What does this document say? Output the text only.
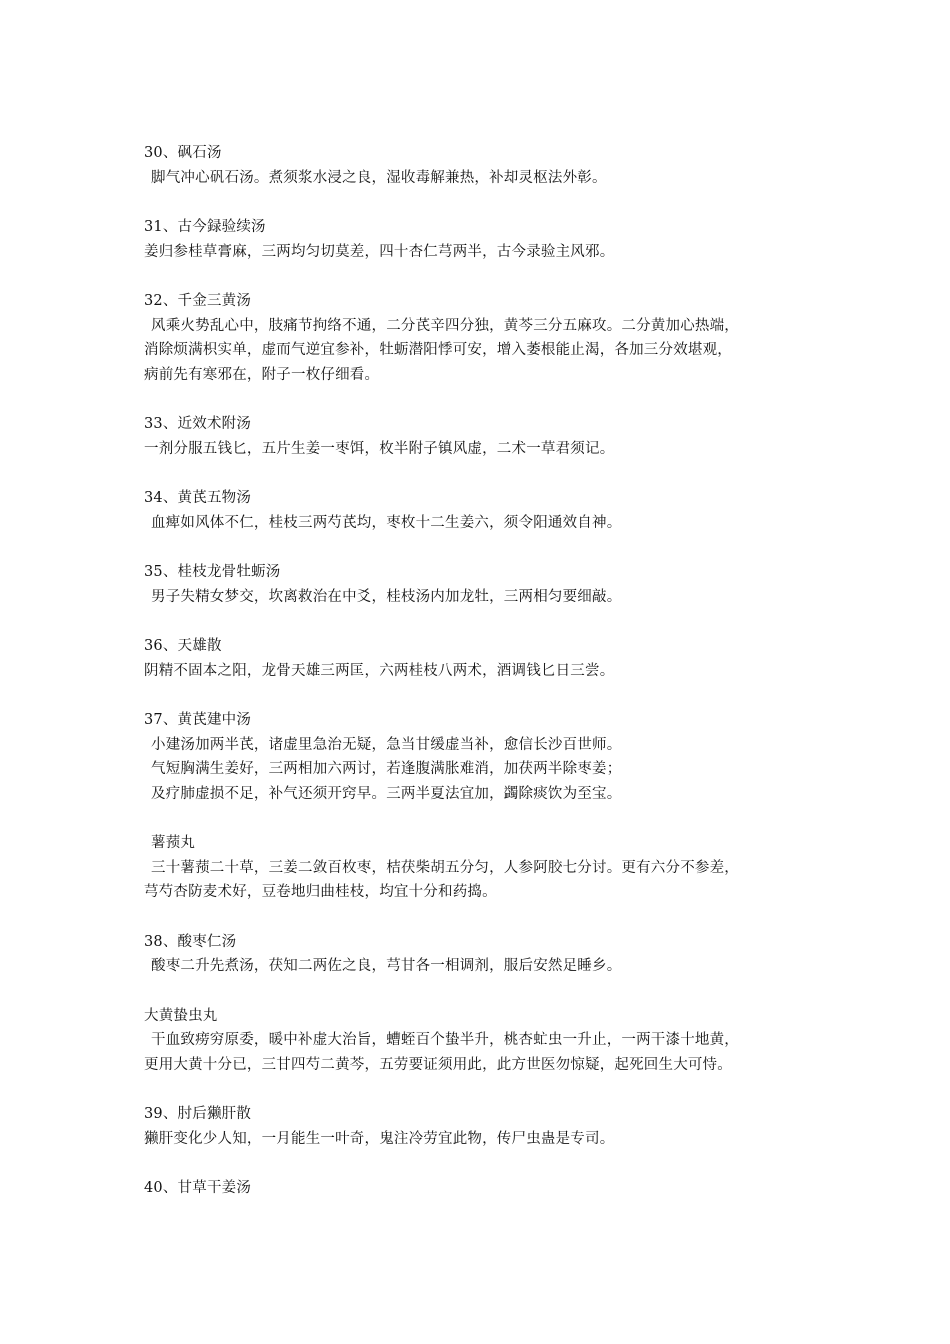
30、砜石汤
脚气冲心矾石汤。煮须浆水浸之良，湿收毒解兼热，补却灵枢法外彰。
31、古今録验续汤
姜归参桂草膏麻，三两均匀切莫差，四十杏仁芎两半，古今录验主风邪。
32、千金三黄汤
风乘火势乱心中，肢痛节拘络不通，二分芪辛四分独，黄芩三分五麻攻。二分黄加心热端，
消除烦满枳实单，虚而气逆宜参补，牡蛎潜阳悸可安，增入萎根能止渴，各加三分效堪观，
病前先有寒邪在，附子一枚仔细看。
33、近效术附汤
一剂分服五钱匕，五片生姜一枣饵，枚半附子镇风虚，二术一草君须记。
34、黄芪五物汤
血痺如风体不仁，桂枝三两芍芪均，枣枚十二生姜六，须令阳通效自神。
35、桂枝龙骨牡蛎汤
男子失精女梦交，坎离救治在中爻，桂枝汤内加龙牡，三两相匀要细敲。
36、天雄散
阴精不固本之阳，龙骨天雄三两匡，六两桂枝八两术，酒调钱匕日三尝。
37、黄芪建中汤
小建汤加两半芪，诸虚里急治无疑，急当甘缓虚当补，愈信长沙百世师。
气短胸满生姜好，三两相加六两讨，若逢腹满胀难消，加茯两半除枣姜；
及疗肺虚损不足，补气还须开窍早。三两半夏法宜加，蠲除痰饮为至宝。
薯蓣丸
三十薯蓣二十草，三姜二敛百枚枣，桔茯柴胡五分匀，人参阿胶七分讨。更有六分不参差，
芎芍杏防麦术好，豆卷地归曲桂枝，均宜十分和药捣。
38、酸枣仁汤
酸枣二升先煮汤，茯知二两佐之良，芎甘各一相调剂，服后安然足睡乡。
大黄蛰虫丸
干血致痨穷原委，暖中补虚大治旨，螬蛭百个蛰半升，桃杏虻虫一升止，一两干漆十地黄，
更用大黄十分已，三甘四芍二黄芩，五劳要证须用此，此方世医勿惊疑，起死回生大可恃。
39、肘后獭肝散
獭肝变化少人知，一月能生一叶奇，鬼注冷劳宜此物，传尸虫蛊是专司。
40、甘草干姜汤
